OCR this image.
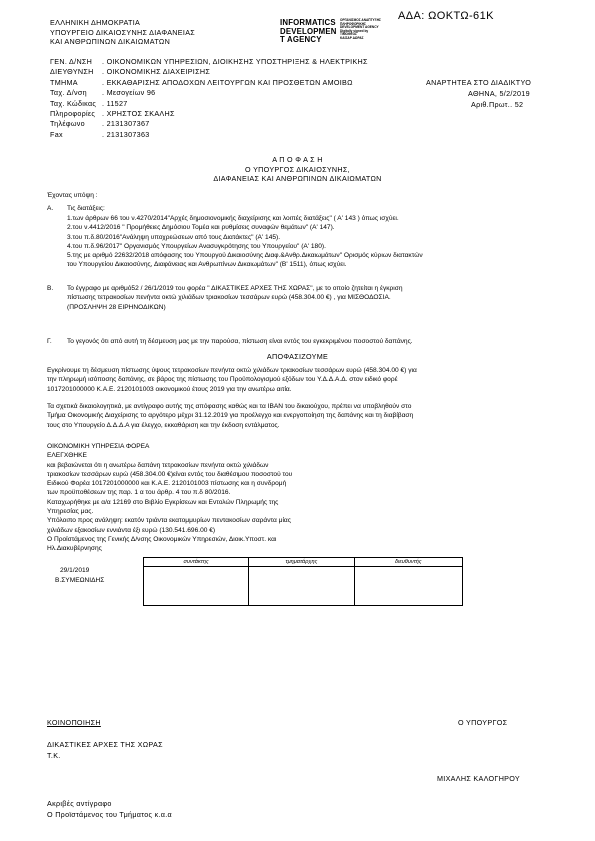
ΑΔΑ: ΩΟΚΤΩ-61Κ
ΕΛΛΗΝΙΚΗ ΔΗΜΟΚΡΑΤΙΑ
ΥΠΟΥΡΓΕΙΟ ΔΙΚΑΙΟΣΥΝΗΣ ΔΙΑΦΑΝΕΙΑΣ
ΚΑΙ ΑΝΘΡΩΠΙΝΩΝ ΔΙΚΑΙΩΜΑΤΩΝ
INFORMATICS
DEVELOPMEN
T AGENCY
ΟΡΓΑΝΙΣΜΟΣ ΑΝΑΠΤΥΞΗΣ
ΠΛΗΡΟΦΟΡΙΚΗΣ
DEVELOPMENT AGENCY
Digitally signed by
ΤΙΜΟΘΕΟΣ
ΚΑΙΣΑΡ ΔΩΡΑΣ
ΓΕΝ. Δ/ΝΣΗ . ΟΙΚΟΝΟΜΙΚΩΝ ΥΠΗΡΕΣΙΩΝ, ΔΙΟΙΚΗΣΗΣ ΥΠΟΣΤΗΡΙΞΗΣ & ΗΛΕΚΤΡΙΚΗΣ
ΔΙΕΥΘΥΝΣΗ . ΟΙΚΟΝΟΜΙΚΗΣ ΔΙΑΧΕΙΡΙΣΗΣ
ΤΜΗΜΑ	. ΕΚΚΑΘΑΡΙΣΗΣ ΑΠΟΔΟΧΩΝ ΛΕΙΤΟΥΡΓΩΝ ΚΑΙ ΠΡΟΣΘΕΤΩΝ ΑΜΟΙΒΩ
Ταχ. Δ/νση . Μεσογείων 96
Ταχ. Κώδικας . 11527
Πληροφορίες . ΧΡΗΣΤΟΣ ΣΚΑΛΗΣ
Τηλέφωνο . 2131307367
Fax	. 2131307363
ΑΝΑΡΤΗΤΕΑ ΣΤΟ ΔΙΑΔΙΚΤΥΟ
ΑΘΗΝΑ, 5/2/2019
Αριθ.Πρωτ.. 52
Α Π Ο Φ Α Σ Η
Ο ΥΠΟΥΡΓΟΣ ΔΙΚΑΙΟΣΥΝΗΣ,
ΔΙΑΦΑΝΕΙΑΣ ΚΑΙ ΑΝΘΡΩΠΙΝΩΝ ΔΙΚΑΙΩΜΑΤΩΝ
Έχοντας υπόψη :
Α. Τις διατάξεις:
1.των άρθρων 66 του ν.4270/2014"Αρχές δημοσιονομικής διαχείρισης και λοιπές διατάξεις" ( Α' 143 ) όπως ισχύει.
2.του ν.4412/2016 " Προμήθειες Δημόσιου Τομέα και ρυθμίσεις συναφών θεμάτων" (Α' 147).
3.του π.δ.80/2016"Ανάληψη υποχρεώσεων από τους Διατάκτες" (Α' 145).
4.του π.δ.96/2017" Οργανισμός Υπουργείων Ανασυγκρότησης του Υπουργείου" (Α' 180).
5.της με αριθμό 22632/2018 απόφασης του Υπουργού Δικαιοσύνης Διαφ.&Ανθρ.Δικαιωμάτων" Ορισμός κύριων διατακτών
του Υπουργείου Δικαιοσύνης, Διαφάνειας και Ανθρωπίνων Δικαιωμάτων" (Β' 1511), όπως ισχύει.
Β. Το έγγραφο με αριθμό52 / 26/1/2019 του φορέα " ΔΙΚΑΣΤΙΚΕΣ ΑΡΧΕΣ ΤΗΣ ΧΩΡΑΣ", με το οποίο ζητείται η έγκριση
πίστωσης τετρακοσίων πενήντα οκτώ χιλιάδων τριακοσίων τεσσάρων ευρώ (458.304.00 €) , για ΜΙΣΘΟΔΟΣΙΑ.
(ΠΡΟΣΛΗΨΗ 28 ΕΙΡΗΝΟΔΙΚΩΝ)
Γ. Το γεγονός ότι από αυτή τη δέσμευση μας με την παρούσα, πίστωση είναι εντός του εγκεκριμένου ποσοστού δαπάνης.
ΑΠΟΦΑΣΙΖΟΥΜΕ
Εγκρίνουμε τη δέσμευση πίστωσης ύψους τετρακοσίων πενήντα οκτώ χιλιάδων τριακοσίων τεσσάρων ευρώ (458.304.00 €) για
την πληρωμή ισόποσης δαπάνης, σε βάρος της πίστωσης του Προϋπολογισμού εξόδων του Υ.Δ.Δ.Α.Δ. στον ειδικό φορέ
1017201000000 Κ.Α.Ε. 2120101003 οικονομικού έτους 2019 για την ανωτέρω αιτία.
Τα σχετικά δικαιολογητικά, με αντίγραφο αυτής της απόφασης καθώς και τα IBAN του δικαιούχου, πρέπει να υποβληθούν στο
Τμήμα Οικονομικής Διαχείρισης το αργότερο μέχρι 31.12.2019 για προέλεγχο και ενεργοποίηση της δαπάνης και τη διαβίβαση
τους στο Υπουργείο Δ.Δ.Δ.Α για έλεγχο, εκκαθάριση και την έκδοση εντάλματος.
ΟΙΚΟΝΟΜΙΚΗ ΥΠΗΡΕΣΙΑ ΦΟΡΕΑ
ΕΛΕΓΧΘΗΚΕ
και βεβαιώνεται ότι η ανωτέρω δαπάνη τετρακοσίων πενήντα οκτώ χιλιάδων
τριακοσίων τεσσάρων ευρώ (458.304.00 €)είναι εντός του διαθέσιμου ποσοστού του
Ειδικού Φορέα 1017201000000 και Κ.Α.Ε. 2120101003 πίστωσης και η συνδρομή
των προϋποθέσεων της παρ. 1 α του άρθρ. 4 του π.δ 80/2016.
Καταχωρήθηκε με α/α 12169 στο Βιβλίο Εγκρίσεων και Εντολών Πληρωμής της
Υπηρεσίας μας.
Υπόλοιπο προς ανάληψη: εκατόν τριάντα εκατομμυρίων πεντακοσίων σαράντα μίας
χιλιάδων εξακοσίων εννιάντα έξι ευρώ (130.541.696.00 €)
Ο Προϊστάμενος της Γενικής Δ/νσης Οικονομικών Υπηρεσιών, Διοικ.Υποστ. και
Ηλ.Διακυβέρνησης
29/1/2019
Β.ΣΥΜΕΩΝΙΔΗΣ
συντάκτης	τμηματάρχης	διευθυντής

ΚΟΙΝΟΠΟΙΗΣΗ	Ο ΥΠΟΥΡΓΟΣ
ΔΙΚΑΣΤΙΚΕΣ ΑΡΧΕΣ ΤΗΣ ΧΩΡΑΣ
Τ.Κ.
ΜΙΧΑΛΗΣ ΚΑΛΟΓΗΡΟΥ
Ακριβές αντίγραφο
Ο Προϊστάμενος του Τμήματος κ.α.α
